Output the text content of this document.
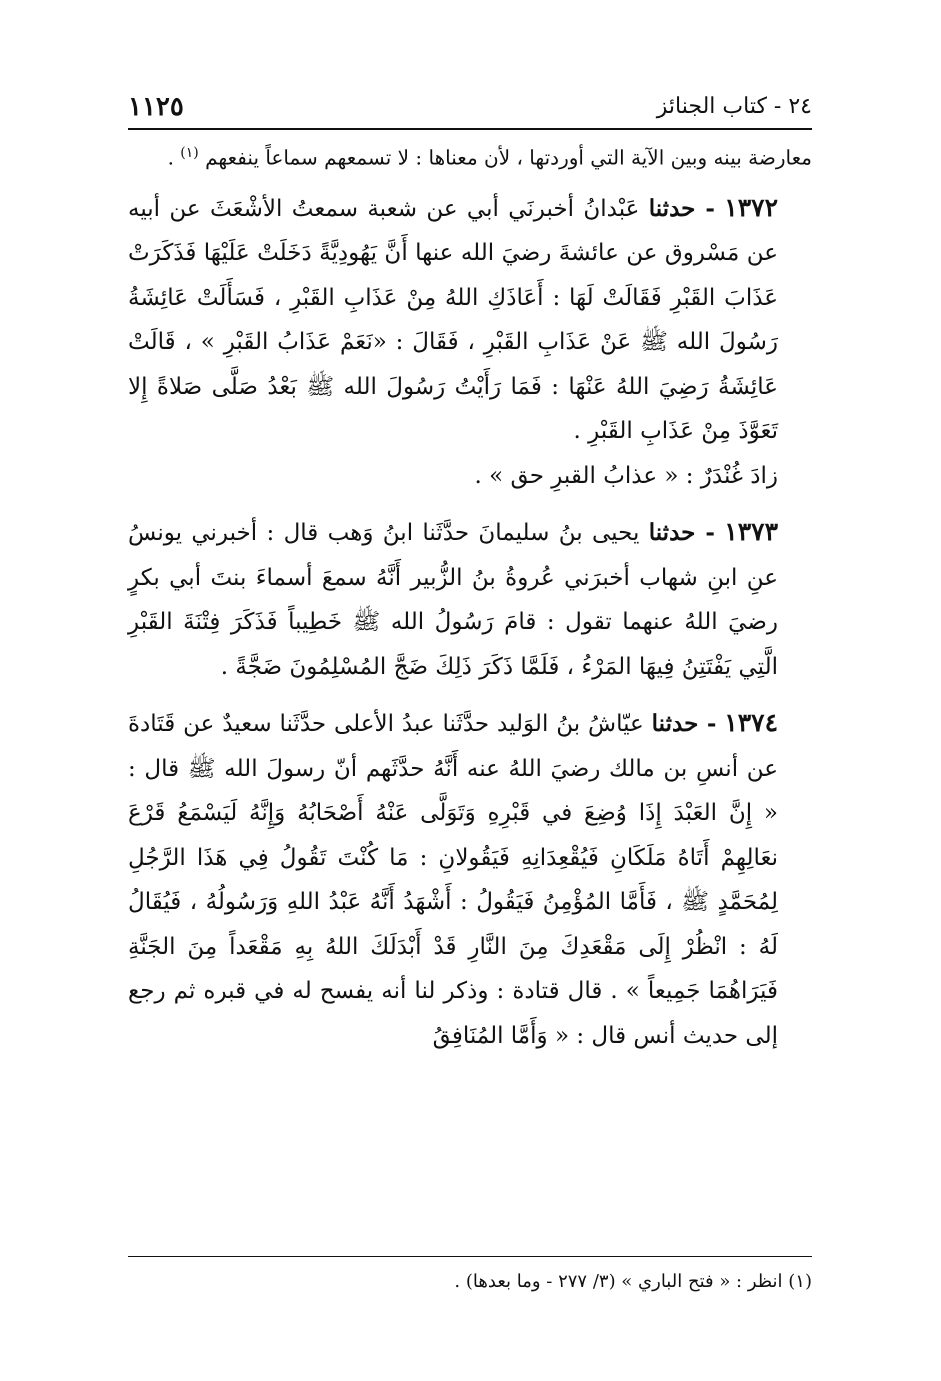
٢٤ - كتاب الجنائز
١١٢٥
معارضة بينه وبين الآية التي أوردتها ، لأن معناها : لا تسمعهم سماعاً ينفعهم $^{(١)}$ .

١٣٧٢ - حدثنا عَبْدانُ أخبرنَي أبي عن شعبة سمعتُ الأشْعَثَ عن أبيه عن مَسْروق عن عائشةَ رضيَ الله عنها أَنَّ يَهُودِيَّةً دَخَلَتْ عَلَيْهَا فَذَكَرَتْ عَذَابَ القَبْرِ فَقَالَتْ لَهَا : أَعَاذَكِ اللهُ مِنْ عَذَابِ القَبْرِ ، فَسَأَلَتْ عَائِشَةُ رَسُولَ الله ﷺ عَنْ عَذَابِ القَبْرِ ، فَقَالَ : «نَعَمْ عَذَابُ القَبْرِ » ، قَالَتْ عَائِشَةُ رَضِيَ اللهُ عَنْهَا : فَمَا رَأَيْتُ رَسُولَ الله ﷺ بَعْدُ صَلَّى صَلاةً إِلا تَعَوَّذَ مِنْ عَذَابِ القَبْرِ .

زادَ غُنْدَرٌ : « عذابُ القبرِ حق » .

١٣٧٣ - حدثنا يحيى بنُ سليمانَ حدَّثَنا ابنُ وَهب قال : أخبرني يونسُ عنِ ابنِ شهاب أخبرَني عُروةُ بنُ الزُّبير أَنَّهُ سمعَ أسماءَ بنتَ أبي بكرٍ رضيَ اللهُ عنهما تقول : قامَ رَسُولُ الله ﷺ خَطِيباً فَذَكَرَ فِتْنَةَ القَبْرِ الَّتِي يَفْتَتِنُ فِيهَا المَرْءُ ، فَلَمَّا ذَكَرَ ذَلِكَ ضَجَّ المُسْلِمُونَ ضَجَّةً .

١٣٧٤ - حدثنا عيّاشُ بنُ الوَليد حدَّثَنا عبدُ الأعلى حدَّثَنا سعيدٌ عن قَتَادةَ عن أنسِ بن مالك رضيَ اللهُ عنه أَنَّهُ حدَّثَهم أنّ رسولَ الله ﷺ قال : « إِنَّ العَبْدَ إِذَا وُضِعَ في قَبْرِهِ وَتَوَلَّى عَنْهُ أَصْحَابُهُ وَإِنَّهُ لَيَسْمَعُ قَرْعَ نعَالِهِمْ أَتَاهُ مَلَكَانِ فَيُقْعِدَانِهِ فَيَقُولانِ : مَا كُنْتَ تَقُولُ فِي هَذَا الرَّجُلِ لِمُحَمَّدٍ ﷺ ، فَأَمَّا المُؤْمِنُ فَيَقُولُ : أَشْهَدُ أَنَّهُ عَبْدُ اللهِ وَرَسُولُهُ ، فَيُقَالُ لَهُ : انْظُرْ إِلَى مَقْعَدِكَ مِنَ النَّارِ قَدْ أَبْدَلَكَ اللهُ بِهِ مَقْعَداً مِنَ الجَنَّةِ فَيَرَاهُمَا جَمِيعاً » . قال قتادة : وذكر لنا أنه يفسح له في قبره ثم رجع إلى حديث أنس قال : « وَأَمَّا المُنَافِقُ

(١) انظر : « فتح الباري » (٣/ ٢٧٧ - وما بعدها) .
